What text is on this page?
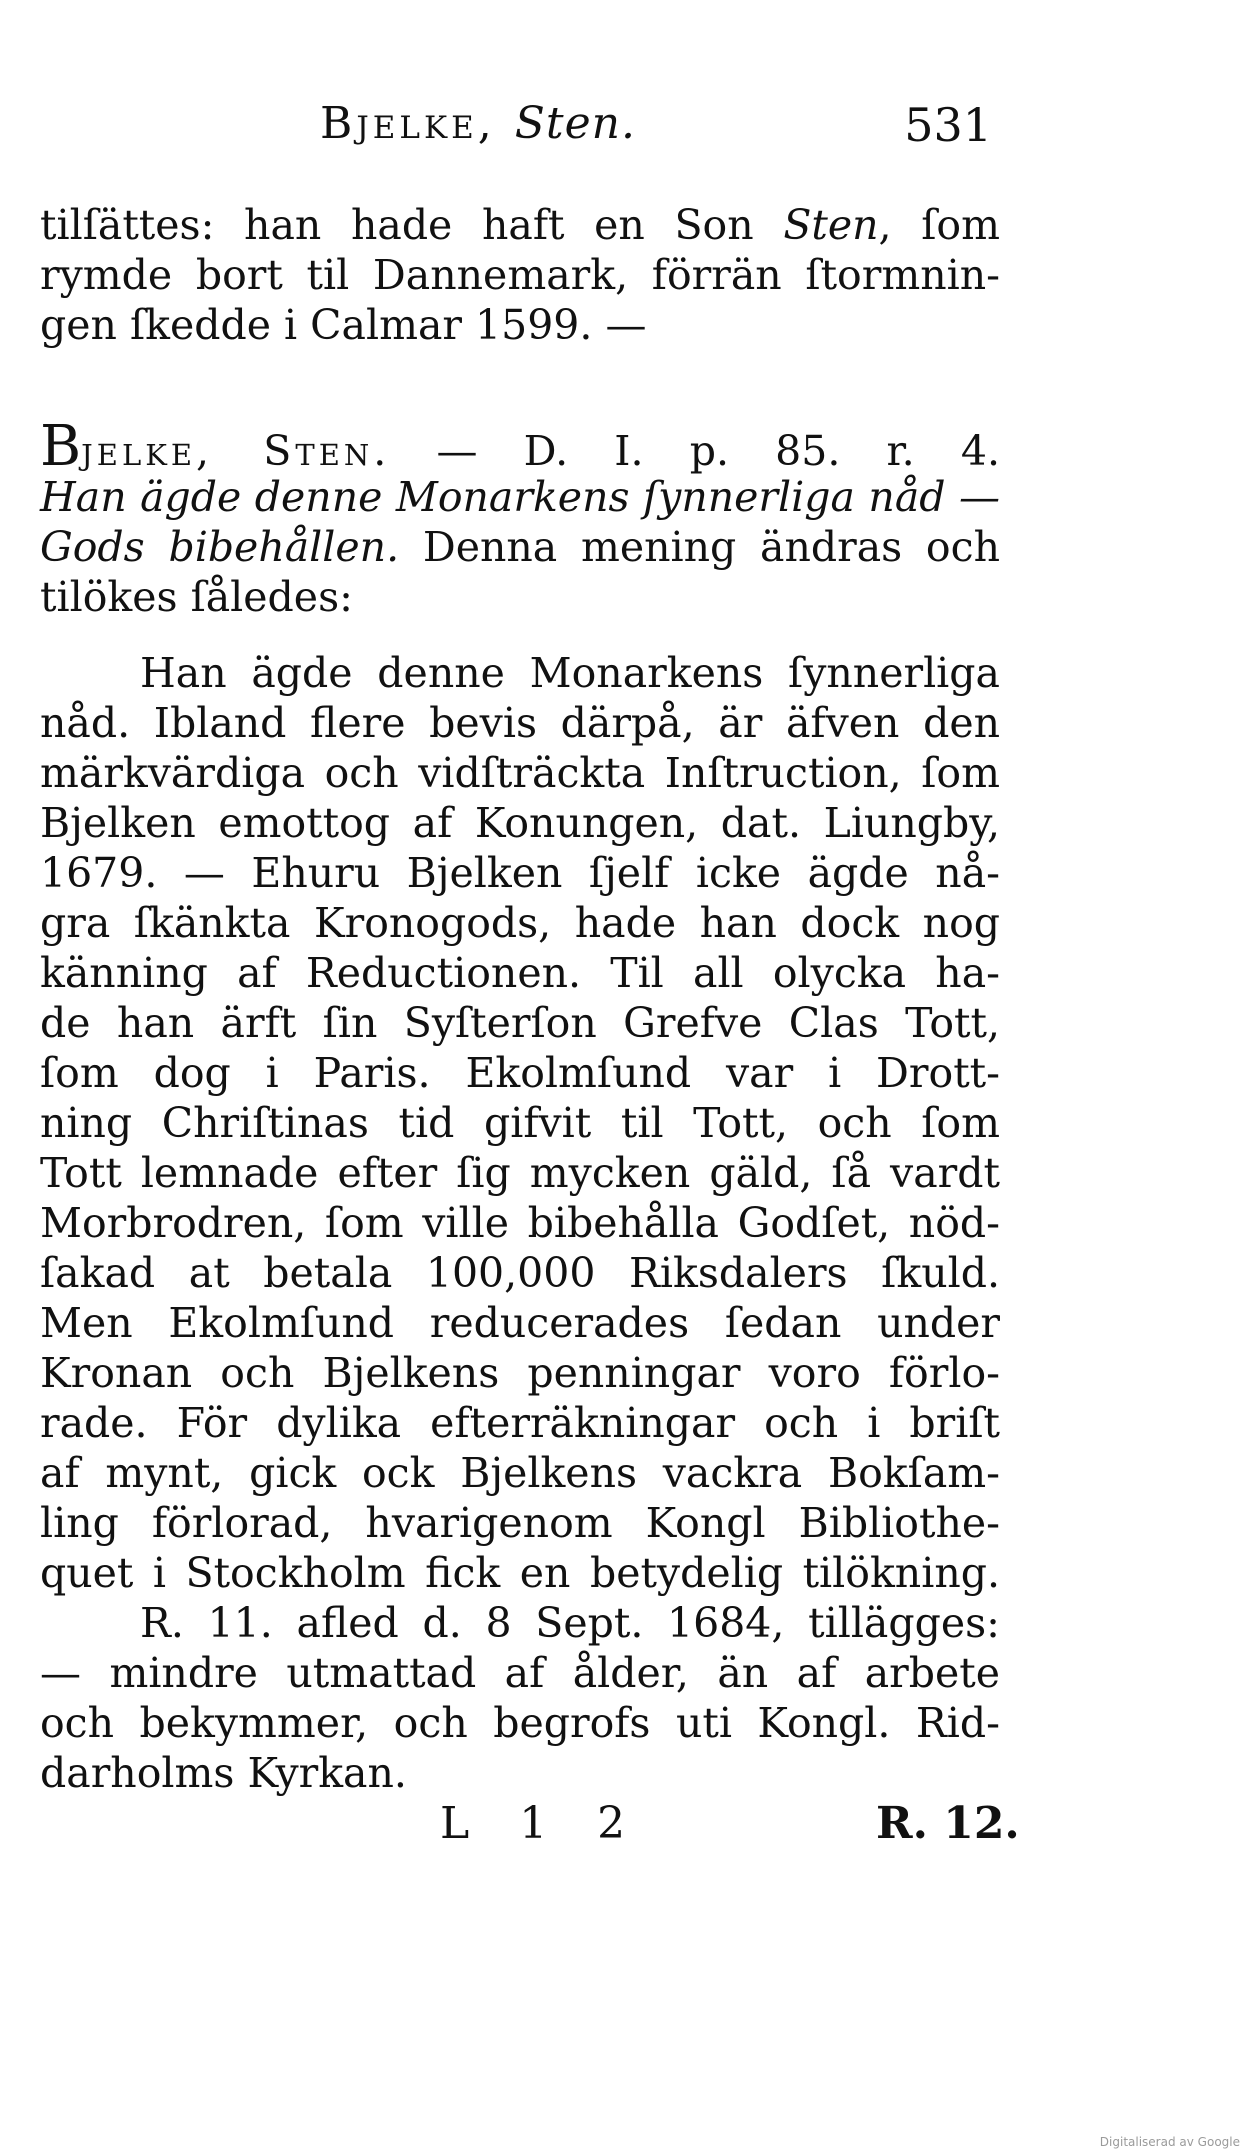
Bjelke, Sten.	531
tilſättes: han hade haft en Son Sten, ſom
rymde bort til Dannemark, förrän ſtormnin-
gen ſkedde i Calmar 1599. —
Bjelke, Sten. — D. I. p. 85. r. 4.
Han ägde denne Monarkens ſynnerliga nåd —
Gods bibehållen. Denna mening ändras och
tilökes ſåledes:
Han ägde denne Monarkens ſynnerliga
nåd. Ibland flere bevis därpå, är äfven den
märkvärdiga och vidſträckta Inſtruction, ſom
Bjelken emottog af Konungen, dat. Liungby,
1679. — Ehuru Bjelken ſjelf icke ägde nå-
gra ſkänkta Kronogods, hade han dock nog
känning af Reductionen. Til all olycka ha-
de han ärft ſin Syſterſon Grefve Clas Tott,
ſom dog i Paris. Ekolmſund var i Drott-
ning Chriſtinas tid gifvit til Tott, och ſom
Tott lemnade efter ſig mycken gäld, ſå vardt
Morbrodren, ſom ville bibehålla Godſet, nöd-
ſakad at betala 100,000 Riksdalers ſkuld.
Men Ekolmſund reducerades ſedan under
Kronan och Bjelkens penningar voro förlo-
rade. För dylika efterräkningar och i briſt
af mynt, gick ock Bjelkens vackra Bokſam-
ling förlorad, hvarigenom Kongl Bibliothe-
quet i Stockholm fick en betydelig tilökning.
R. 11. afled d. 8 Sept. 1684, tillägges:
— mindre utmattad af ålder, än af arbete
och bekymmer, och begrofs uti Kongl. Rid-
darholms Kyrkan.
L 1 2	R. 12.
Digitaliserad av Google
